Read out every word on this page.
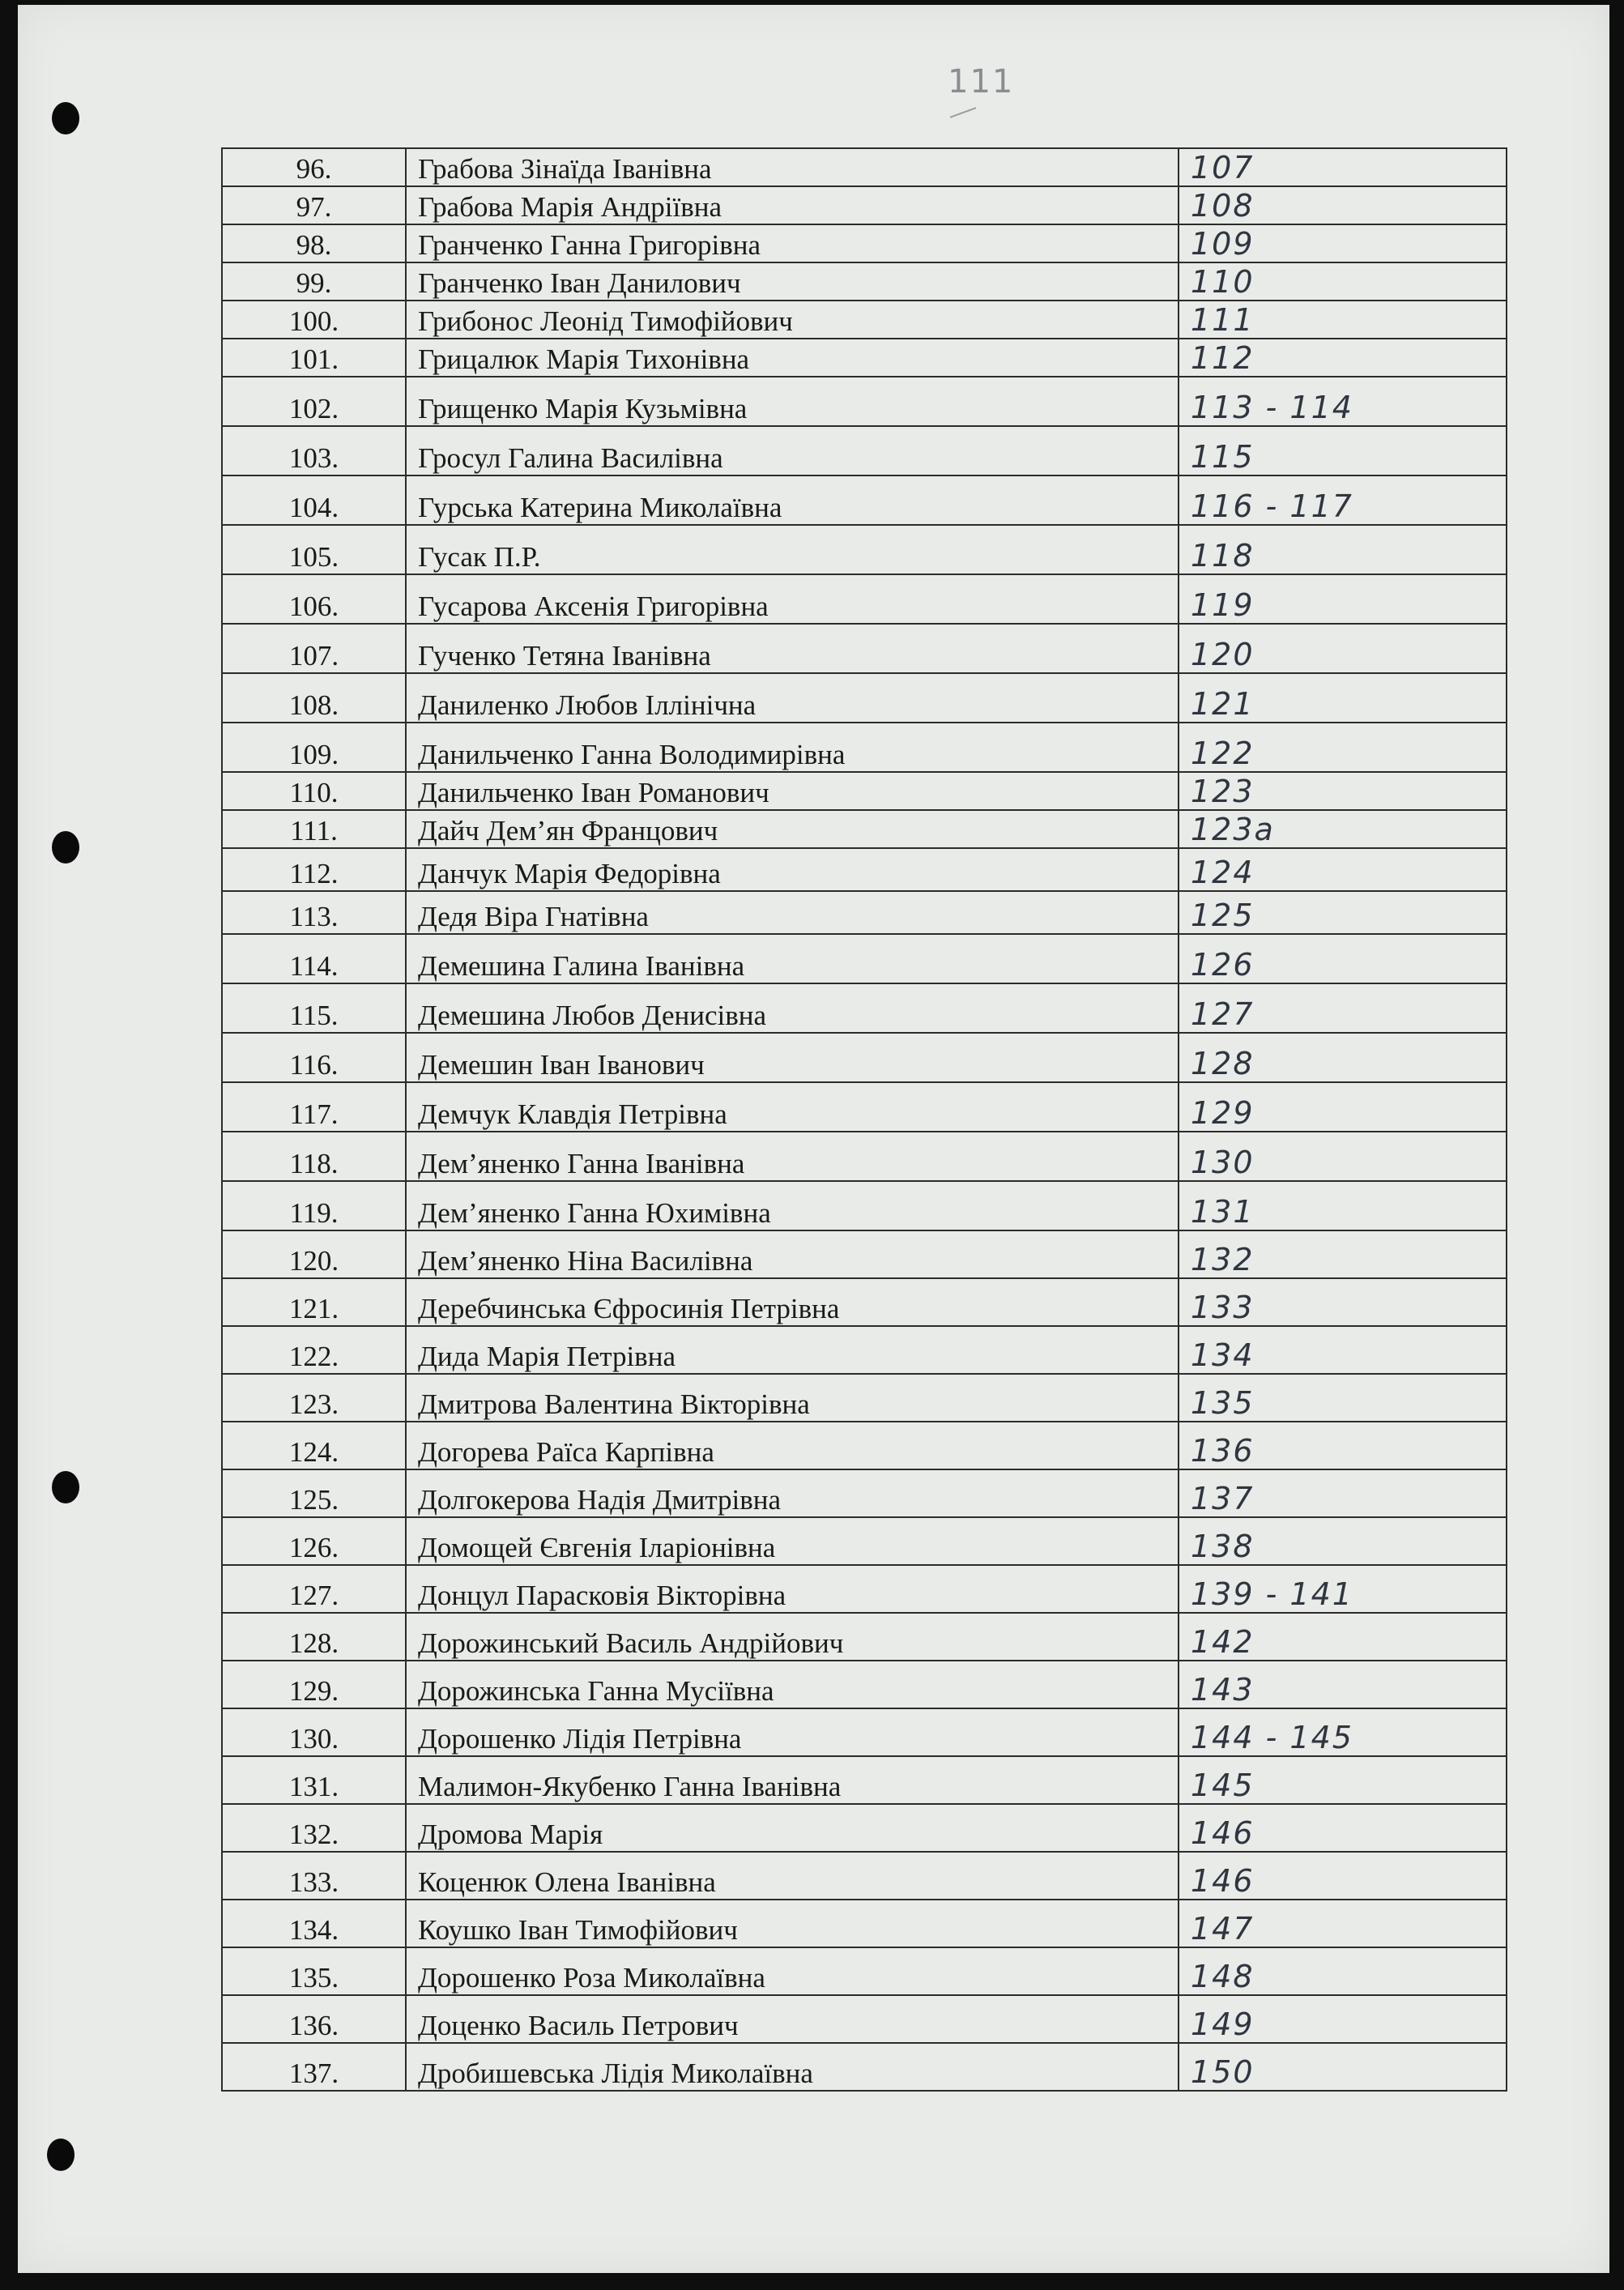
111
96.	Грабова Зінаїда Іванівна	107
97.	Грабова Марія Андріївна	108
98.	Гранченко Ганна Григорівна	109
99.	Гранченко Іван Данилович	110
100.	Грибонос Леонід Тимофійович	111
101.	Грицалюк Марія Тихонівна	112
102.	Грищенко Марія Кузьмівна	113 - 114
103.	Гросул Галина Василівна	115
104.	Гурська Катерина Миколаївна	116 - 117
105.	Гусак П.Р.	118
106.	Гусарова Аксенія Григорівна	119
107.	Гученко Тетяна Іванівна	120
108.	Даниленко Любов Іллінічна	121
109.	Данильченко Ганна Володимирівна	122
110.	Данильченко Іван Романович	123
111.	Дайч Дем’ян Францович	123а
112.	Данчук Марія Федорівна	124
113.	Дедя Віра Гнатівна	125
114.	Демешина Галина Іванівна	126
115.	Демешина Любов Денисівна	127
116.	Демешин Іван Іванович	128
117.	Демчук Клавдія Петрівна	129
118.	Дем’яненко Ганна Іванівна	130
119.	Дем’яненко Ганна Юхимівна	131
120.	Дем’яненко Ніна Василівна	132
121.	Деребчинська Єфросинія Петрівна	133
122.	Дида Марія Петрівна	134
123.	Дмитрова Валентина Вікторівна	135
124.	Догорева Раїса Карпівна	136
125.	Долгокерова Надія Дмитрівна	137
126.	Домощей Євгенія Іларіонівна	138
127.	Донцул Парасковія Вікторівна	139 - 141
128.	Дорожинський Василь Андрійович	142
129.	Дорожинська Ганна Мусіївна	143
130.	Дорошенко Лідія Петрівна	144 - 145
131.	Малимон-Якубенко Ганна Іванівна	145
132.	Дромова Марія	146
133.	Коценюк Олена Іванівна	146
134.	Коушко Іван Тимофійович	147
135.	Дорошенко Роза Миколаївна	148
136.	Доценко Василь Петрович	149
137.	Дробишевська Лідія Миколаївна	150
